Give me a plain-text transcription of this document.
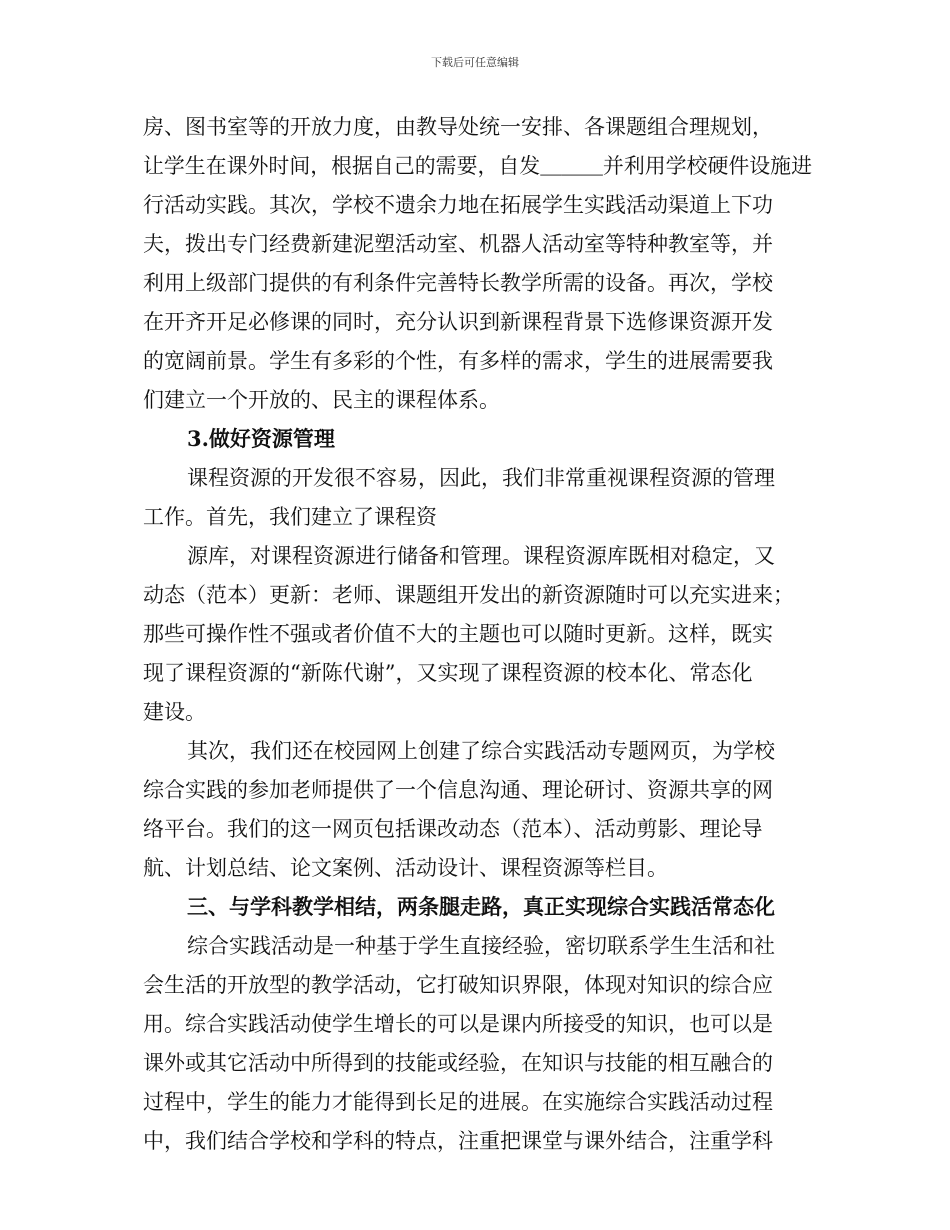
下载后可任意编辑
房、图书室等的开放力度，由教导处统一安排、各课题组合理规划，
让学生在课外时间，根据自己的需要，自发＿＿＿并利用学校硬件设施进
行活动实践。其次，学校不遗余力地在拓展学生实践活动渠道上下功
夫，拨出专门经费新建泥塑活动室、机器人活动室等特种教室等，并
利用上级部门提供的有利条件完善特长教学所需的设备。再次，学校
在开齐开足必修课的同时，充分认识到新课程背景下选修课资源开发
的宽阔前景。学生有多彩的个性，有多样的需求，学生的进展需要我
们建立一个开放的、民主的课程体系。
3.做好资源管理
课程资源的开发很不容易，因此，我们非常重视课程资源的管理
工作。首先，我们建立了课程资
源库，对课程资源进行储备和管理。课程资源库既相对稳定，又
动态（范本）更新：老师、课题组开发出的新资源随时可以充实进来；
那些可操作性不强或者价值不大的主题也可以随时更新。这样，既实
现了课程资源的“新陈代谢”，又实现了课程资源的校本化、常态化
建设。
其次，我们还在校园网上创建了综合实践活动专题网页，为学校
综合实践的参加老师提供了一个信息沟通、理论研讨、资源共享的网
络平台。我们的这一网页包括课改动态（范本）、活动剪影、理论导
航、计划总结、论文案例、活动设计、课程资源等栏目。
三、与学科教学相结，两条腿走路，真正实现综合实践活常态化
综合实践活动是一种基于学生直接经验，密切联系学生生活和社
会生活的开放型的教学活动，它打破知识界限，体现对知识的综合应
用。综合实践活动使学生增长的可以是课内所接受的知识，也可以是
课外或其它活动中所得到的技能或经验，在知识与技能的相互融合的
过程中，学生的能力才能得到长足的进展。在实施综合实践活动过程
中，我们结合学校和学科的特点，注重把课堂与课外结合，注重学科
